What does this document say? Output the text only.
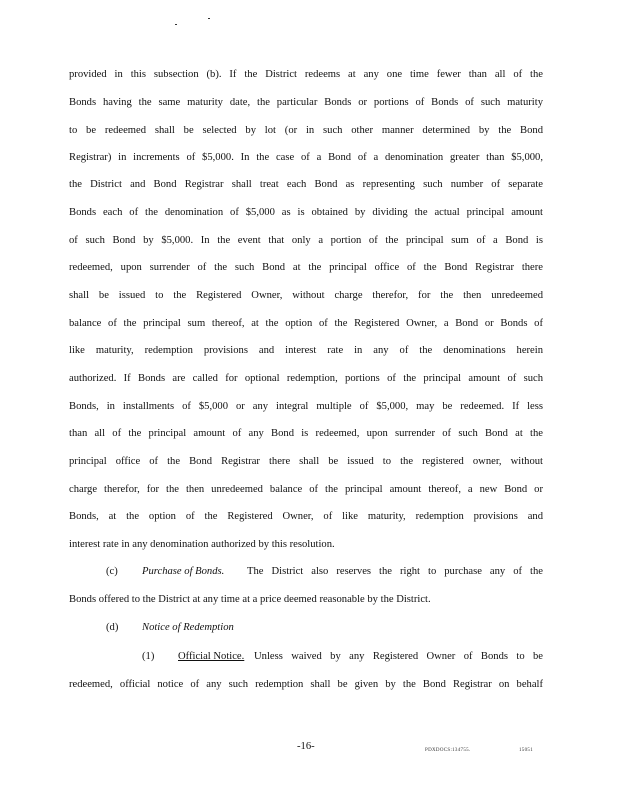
provided in this subsection (b). If the District redeems at any one time fewer than all of the
Bonds having the same maturity date, the particular Bonds or portions of Bonds of such maturity
to be redeemed shall be selected by lot (or in such other manner determined by the Bond
Registrar) in increments of $5,000. In the case of a Bond of a denomination greater than $5,000,
the District and Bond Registrar shall treat each Bond as representing such number of separate
Bonds each of the denomination of $5,000 as is obtained by dividing the actual principal amount
of such Bond by $5,000. In the event that only a portion of the principal sum of a Bond is
redeemed, upon surrender of the such Bond at the principal office of the Bond Registrar there
shall be issued to the Registered Owner, without charge therefor, for the then unredeemed
balance of the principal sum thereof, at the option of the Registered Owner, a Bond or Bonds of
like maturity, redemption provisions and interest rate in any of the denominations herein
authorized. If Bonds are called for optional redemption, portions of the principal amount of such
Bonds, in installments of $5,000 or any integral multiple of $5,000, may be redeemed. If less
than all of the principal amount of any Bond is redeemed, upon surrender of such Bond at the
principal office of the Bond Registrar there shall be issued to the registered owner, without
charge therefor, for the then unredeemed balance of the principal amount thereof, a new Bond or
Bonds, at the option of the Registered Owner, of like maturity, redemption provisions and
interest rate in any denomination authorized by this resolution.
(c) Purchase of Bonds. The District also reserves the right to purchase any of the
Bonds offered to the District at any time at a price deemed reasonable by the District.
(d) Notice of Redemption
(1) Official Notice. Unless waived by any Registered Owner of Bonds to be
redeemed, official notice of any such redemption shall be given by the Bond Registrar on behalf
-16-	PDXDOCS:134755.	15051
